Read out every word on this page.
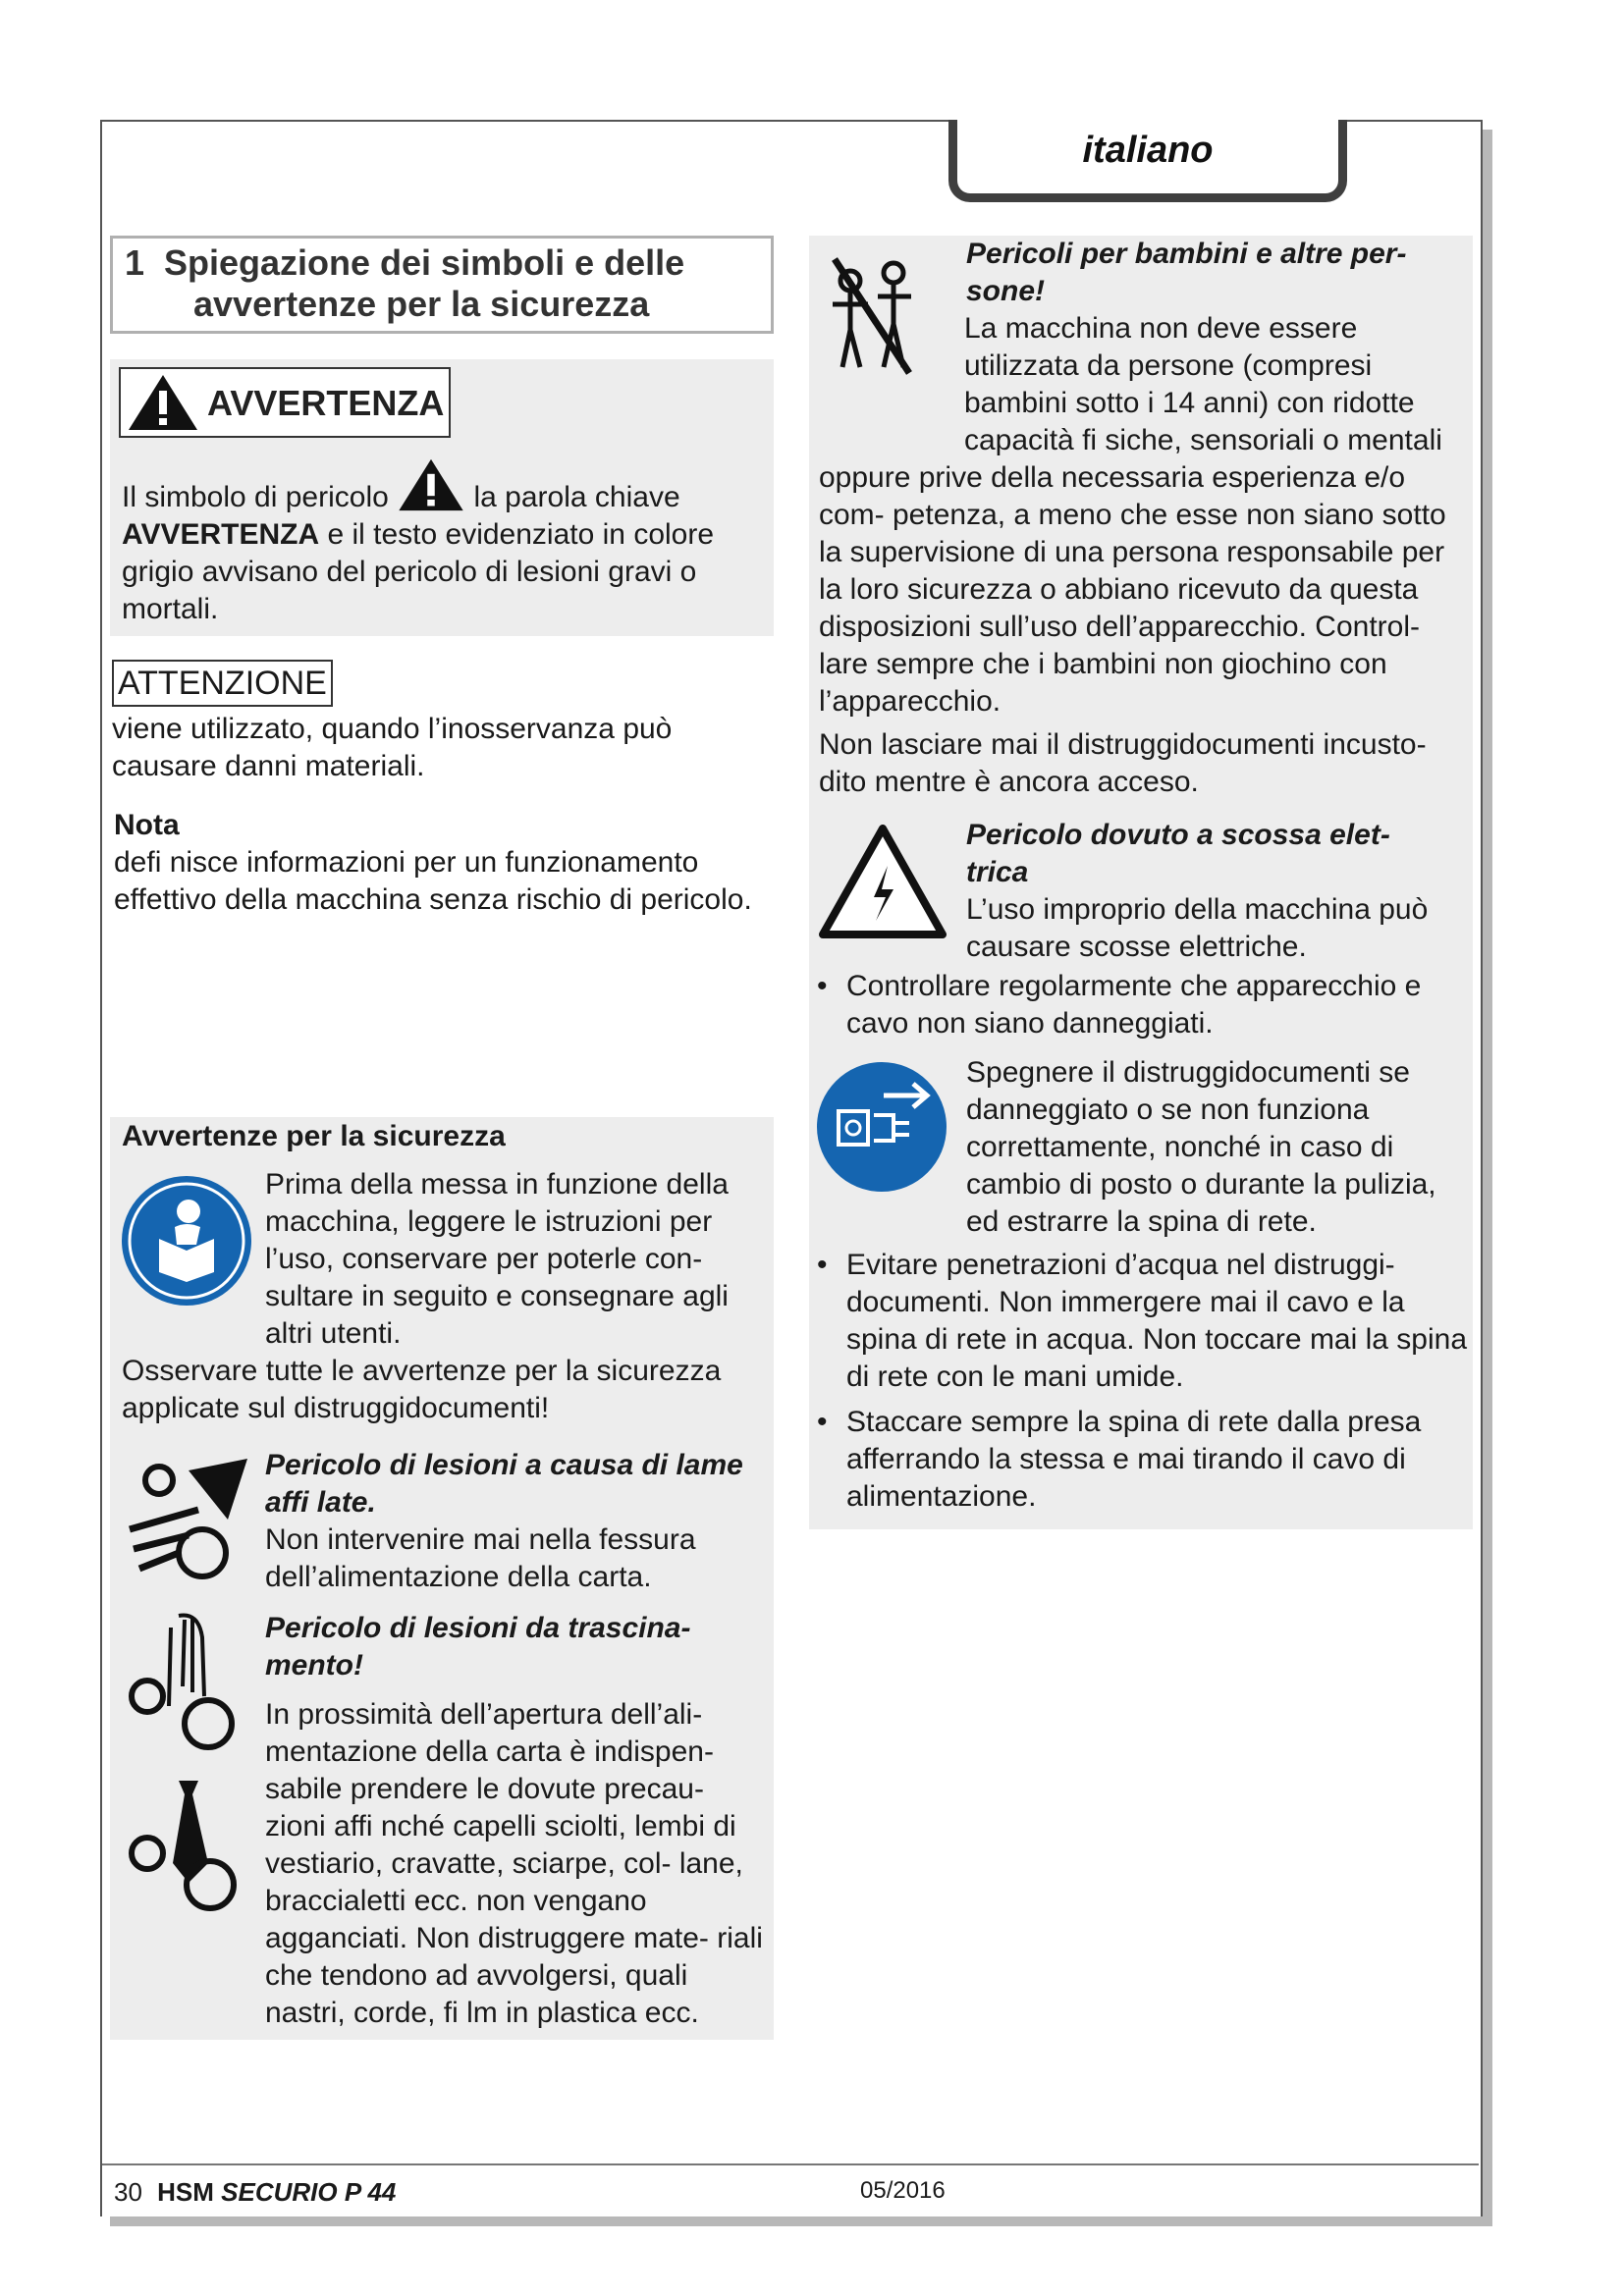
italiano
1 Spiegazione dei simboli e delle
avvertenze per la sicurezza
AVVERTENZA
Il simbolo di pericolo	la parola chiave AVVERTENZA e il testo evidenziato in colore grigio avvisano del pericolo di lesioni gravi o mortali.
ATTENZIONE

viene utilizzato, quando l’inosservanza può causare danni materiali.

Nota

defi nisce informazioni per un funzionamento effettivo della macchina senza rischio di pericolo.

Avvertenze per la sicurezza

Prima della messa in funzione della macchina, leggere le istruzioni per l’uso, conservare per poterle con- sultare in seguito e consegnare agli altri utenti.

Osservare tutte le avvertenze per la sicurezza applicate sul distruggidocumenti!

Pericolo di lesioni a causa di lame affi late.

Non intervenire mai nella fessura dell’alimentazione della carta.

Pericolo di lesioni da trascina- mento!

In prossimità dell’apertura dell’ali- mentazione della carta è indispen- sabile prendere le dovute precau- zioni affi nché capelli sciolti, lembi di vestiario, cravatte, sciarpe, col- lane, braccialetti ecc. non vengano agganciati. Non distruggere mate- riali che tendono ad avvolgersi, quali nastri, corde, fi lm in plastica ecc.

Pericoli per bambini e altre per- sone!

La macchina non deve essere utilizzata da persone (compresi bambini sotto i 14 anni) con ridotte capacità fi siche, sensoriali o mentali oppure prive della necessaria esperienza e/o com- petenza, a meno che esse non siano sotto la supervisione di una persona responsabile per la loro sicurezza o abbiano ricevuto da questa disposizioni sull’uso dell’apparecchio. Control- lare sempre che i bambini non giochino con l’apparecchio.

Non lasciare mai il distruggidocumenti incusto- dito mentre è ancora acceso.

Pericolo dovuto a scossa elet- trica

L’uso improprio della macchina può causare scosse elettriche.

• Controllare regolarmente che apparecchio e cavo non siano danneggiati.

Spegnere il distruggidocumenti se danneggiato o se non funziona correttamente, nonché in caso di cambio di posto o durante la pulizia, ed estrarre la spina di rete.

• Evitare penetrazioni d’acqua nel distruggi- documenti. Non immergere mai il cavo e la spina di rete in acqua. Non toccare mai la spina di rete con le mani umide.
• Staccare sempre la spina di rete dalla presa afferrando la stessa e mai tirando il cavo di alimentazione.
30 HSM SECURIO P 44	05/2016
